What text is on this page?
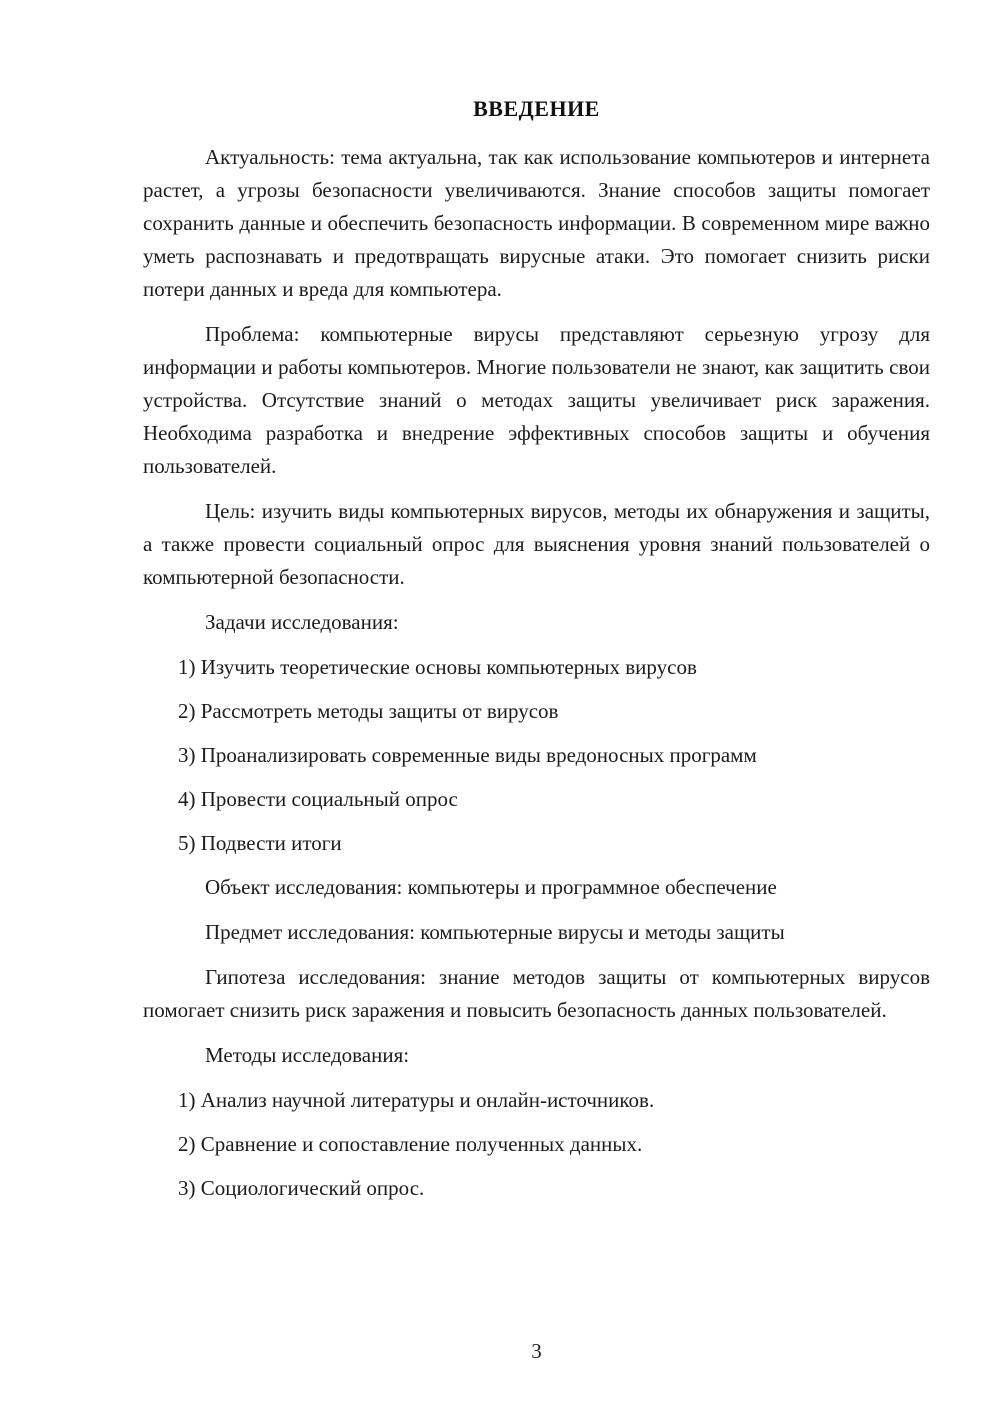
ВВЕДЕНИЕ

Актуальность: тема актуальна, так как использование компьютеров и интернета растет, а угрозы безопасности увеличиваются. Знание способов защиты помогает сохранить данные и обеспечить безопасность информации. В современном мире важно уметь распознавать и предотвращать вирусные атаки. Это помогает снизить риски потери данных и вреда для компьютера.

Проблема: компьютерные вирусы представляют серьезную угрозу для информации и работы компьютеров. Многие пользователи не знают, как защитить свои устройства. Отсутствие знаний о методах защиты увеличивает риск заражения. Необходима разработка и внедрение эффективных способов защиты и обучения пользователей.

Цель: изучить виды компьютерных вирусов, методы их обнаружения и защиты, а также провести социальный опрос для выяснения уровня знаний пользователей о компьютерной безопасности.

Задачи исследования:

1) Изучить теоретические основы компьютерных вирусов

2) Рассмотреть методы защиты от вирусов

3) Проанализировать современные виды вредоносных программ

4) Провести социальный опрос

5) Подвести итоги

Объект исследования: компьютеры и программное обеспечение

Предмет исследования: компьютерные вирусы и методы защиты

Гипотеза исследования: знание методов защиты от компьютерных вирусов помогает снизить риск заражения и повысить безопасность данных пользователей.

Методы исследования:

1) Анализ научной литературы и онлайн-источников.

2) Сравнение и сопоставление полученных данных.

3) Социологический опрос.

3
